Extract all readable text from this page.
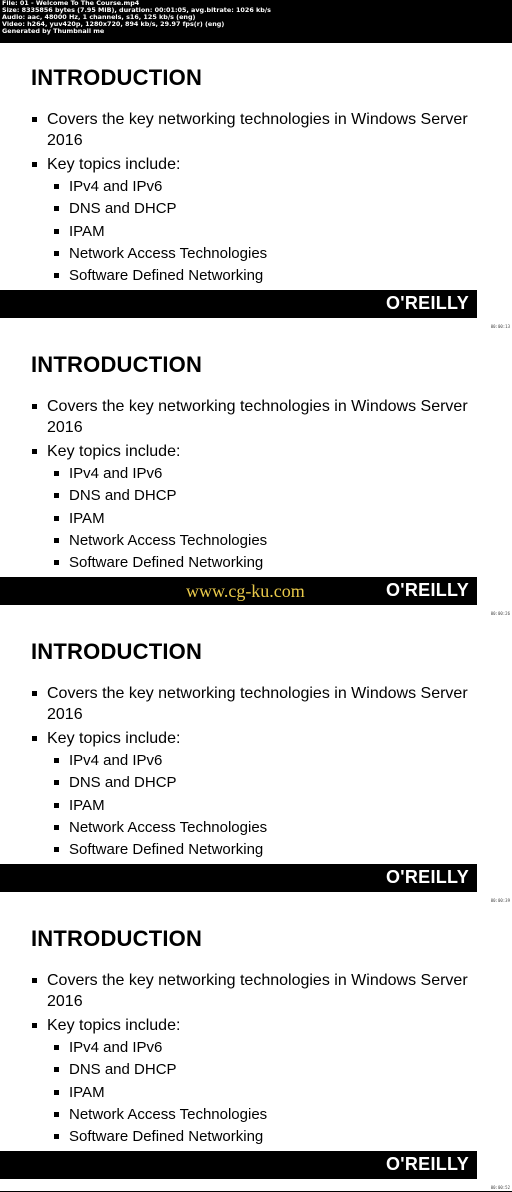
File: 01 - Welcome To The Course.mp4
Size: 8335856 bytes (7.95 MiB), duration: 00:01:05, avg.bitrate: 1026 kb/s
Audio: aac, 48000 Hz, 1 channels, s16, 125 kb/s (eng)
Video: h264, yuv420p, 1280x720, 894 kb/s, 29.97 fps(r) (eng)
Generated by Thumbnail me
INTRODUCTION
Covers the key networking technologies in Windows Server 2016
Key topics include:
IPv4 and IPv6
DNS and DHCP
IPAM
Network Access Technologies
Software Defined Networking
O'REILLY
00:00:13
INTRODUCTION
Covers the key networking technologies in Windows Server 2016
Key topics include:
IPv4 and IPv6
DNS and DHCP
IPAM
Network Access Technologies
Software Defined Networking
www.cg-ku.com	O'REILLY
00:00:26
INTRODUCTION
Covers the key networking technologies in Windows Server 2016
Key topics include:
IPv4 and IPv6
DNS and DHCP
IPAM
Network Access Technologies
Software Defined Networking
O'REILLY
00:00:39
INTRODUCTION
Covers the key networking technologies in Windows Server 2016
Key topics include:
IPv4 and IPv6
DNS and DHCP
IPAM
Network Access Technologies
Software Defined Networking
O'REILLY
00:00:52
